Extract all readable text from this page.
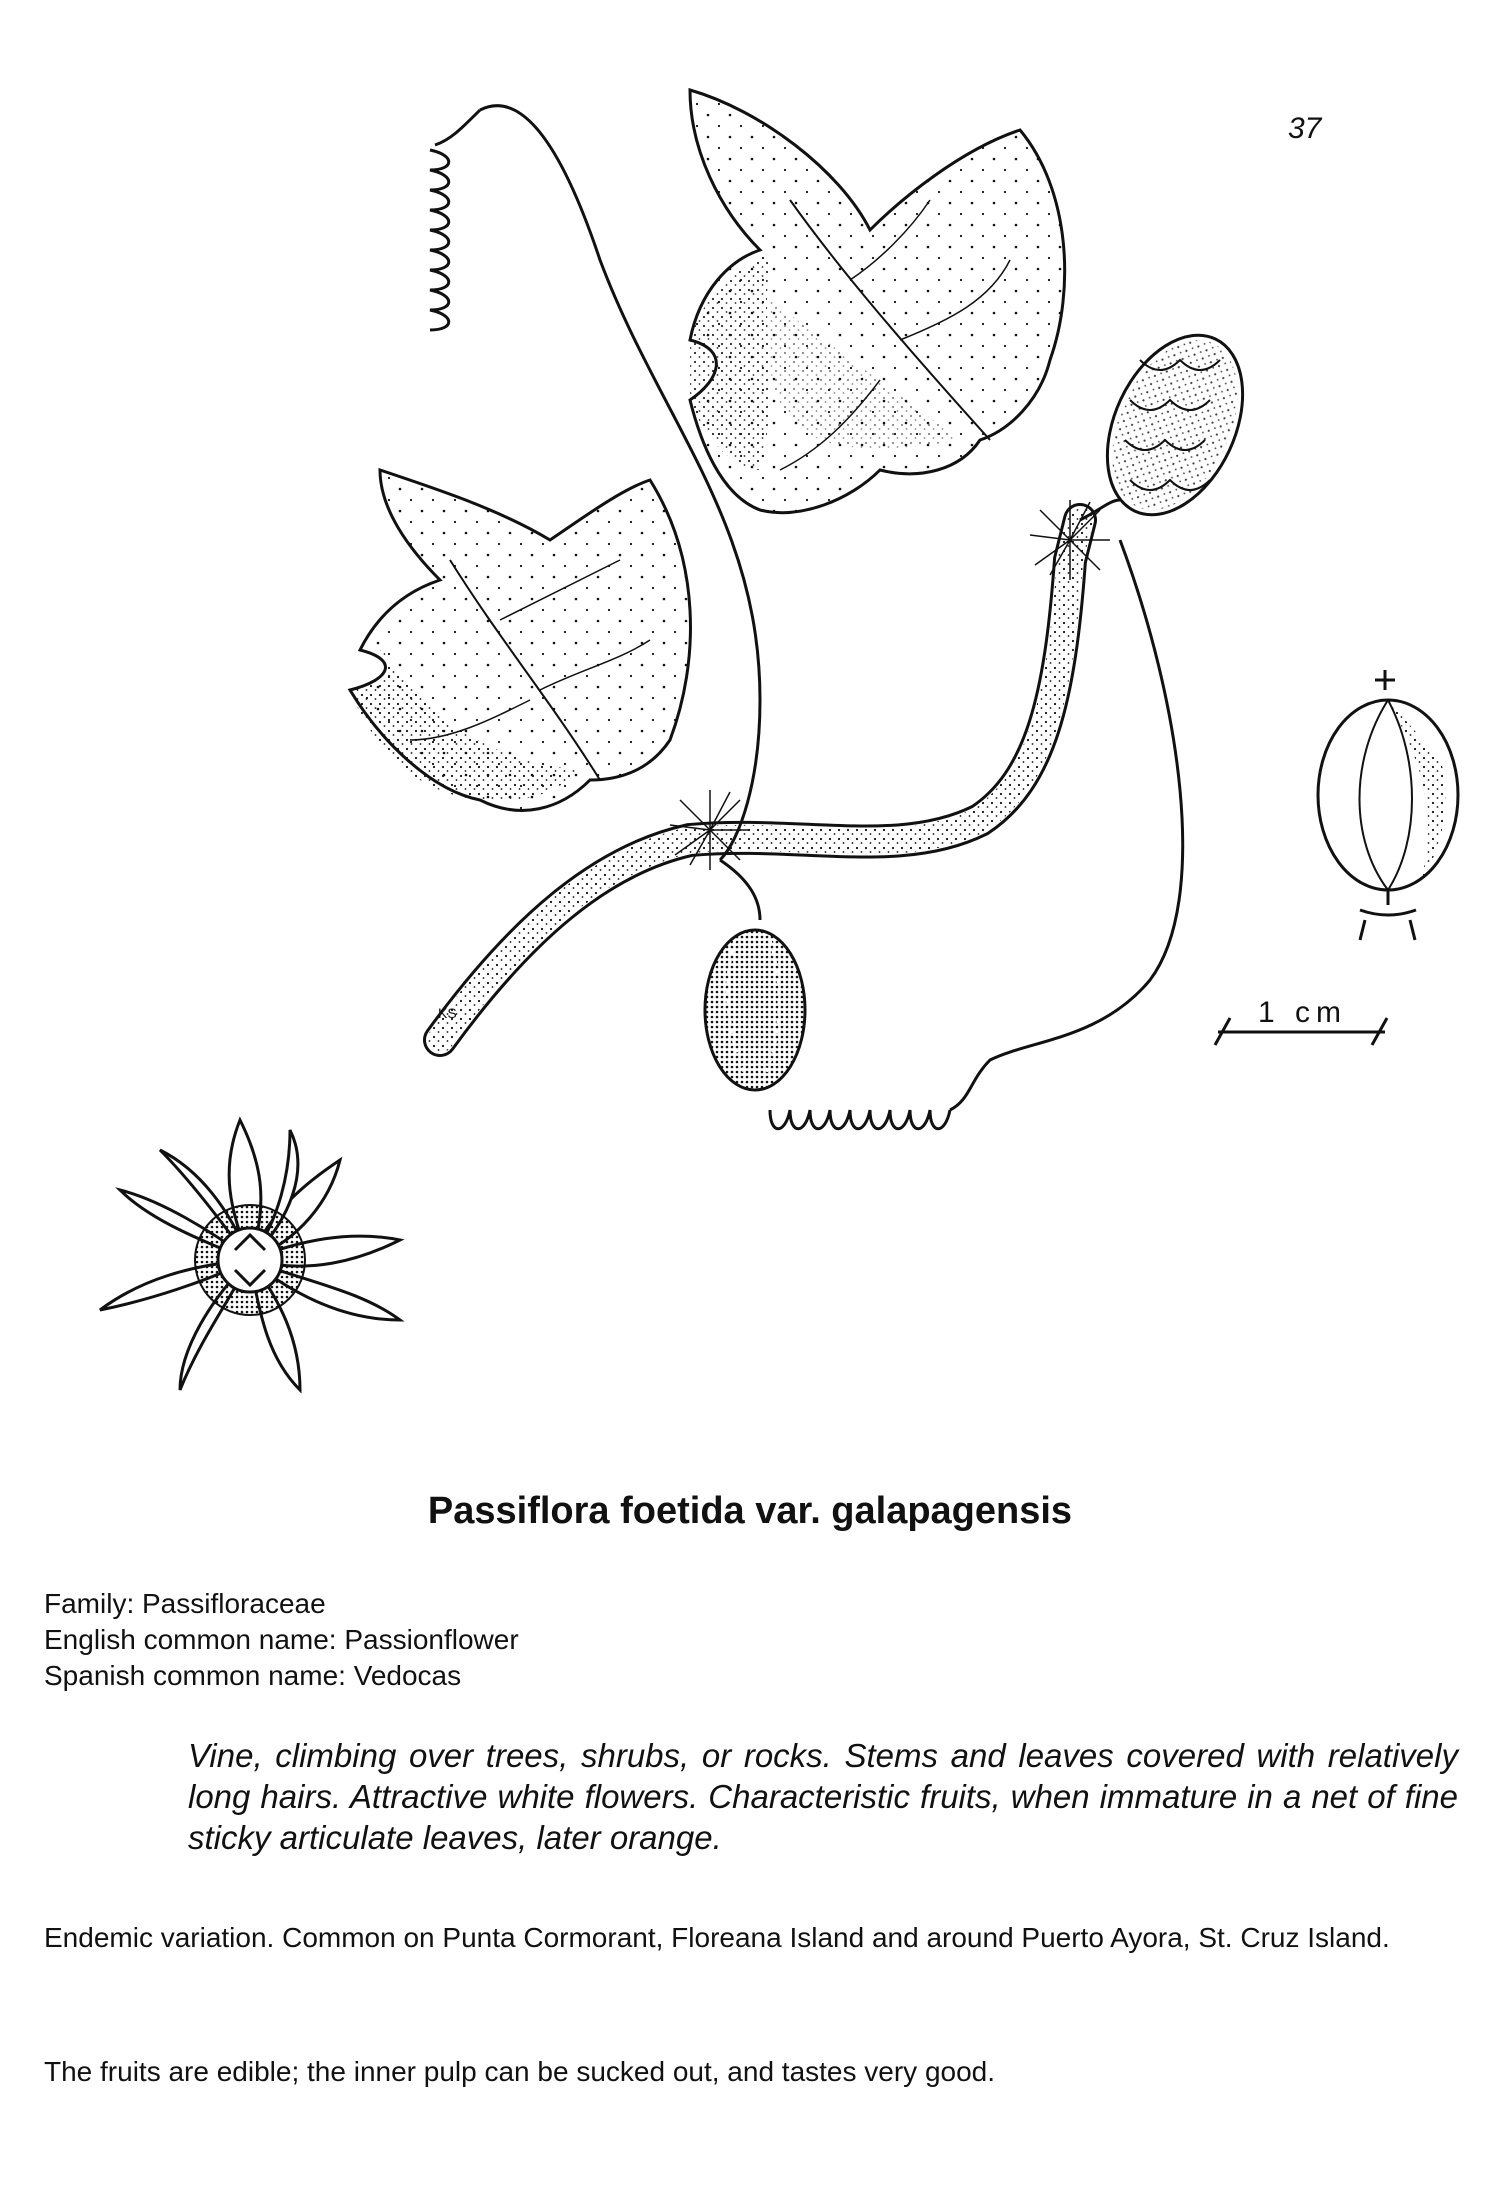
37
KS	1 cm
Passiflora foetida var. galapagensis
Family: Passifloraceae
English common name: Passionflower
Spanish common name: Vedocas
Vine, climbing over trees, shrubs, or rocks. Stems and leaves covered with relatively long hairs. Attractive white flowers. Characteristic fruits, when immature in a net of fine sticky articulate leaves, later orange.
Endemic variation. Common on Punta Cormorant, Floreana Island and around Puerto Ayora, St. Cruz Island.
The fruits are edible; the inner pulp can be sucked out, and tastes very good.
